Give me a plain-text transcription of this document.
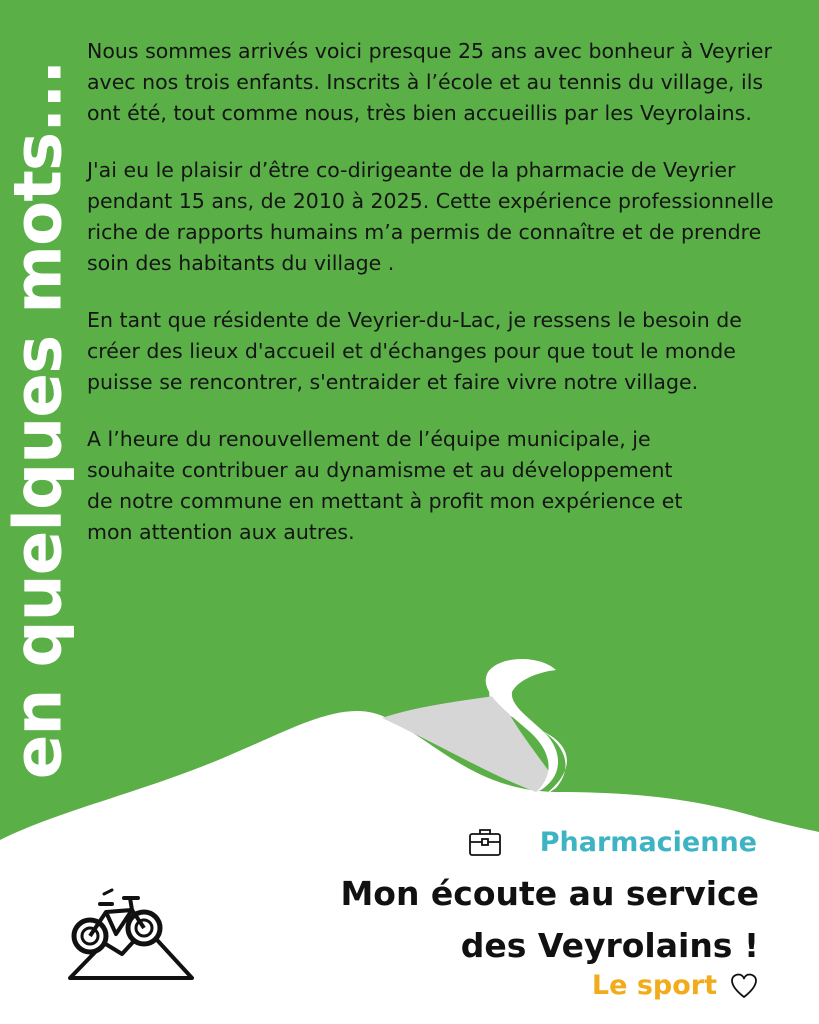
en quelques mots...

Nous sommes arrivés voici presque 25 ans avec bonheur à Veyrier avec nos trois enfants. Inscrits à l’école et au tennis du village, ils ont été, tout comme nous, très bien accueillis par les Veyrolains.

J'ai eu le plaisir d’être co-dirigeante de la pharmacie de Veyrier pendant 15 ans, de 2010 à 2025. Cette expérience professionnelle riche de rapports humains m’a permis de connaître et de prendre soin des habitants du village .

En tant que résidente de Veyrier-du-Lac, je ressens le besoin de créer des lieux d'accueil et d'échanges pour que tout le monde puisse se rencontrer, s'entraider et faire vivre notre village.

A l’heure du renouvellement de l’équipe municipale, je souhaite contribuer au dynamisme et au développement de notre commune en mettant à profit mon expérience et mon attention aux autres.

Pharmacienne
Mon écoute au service
des Veyrolains !
Le sport
